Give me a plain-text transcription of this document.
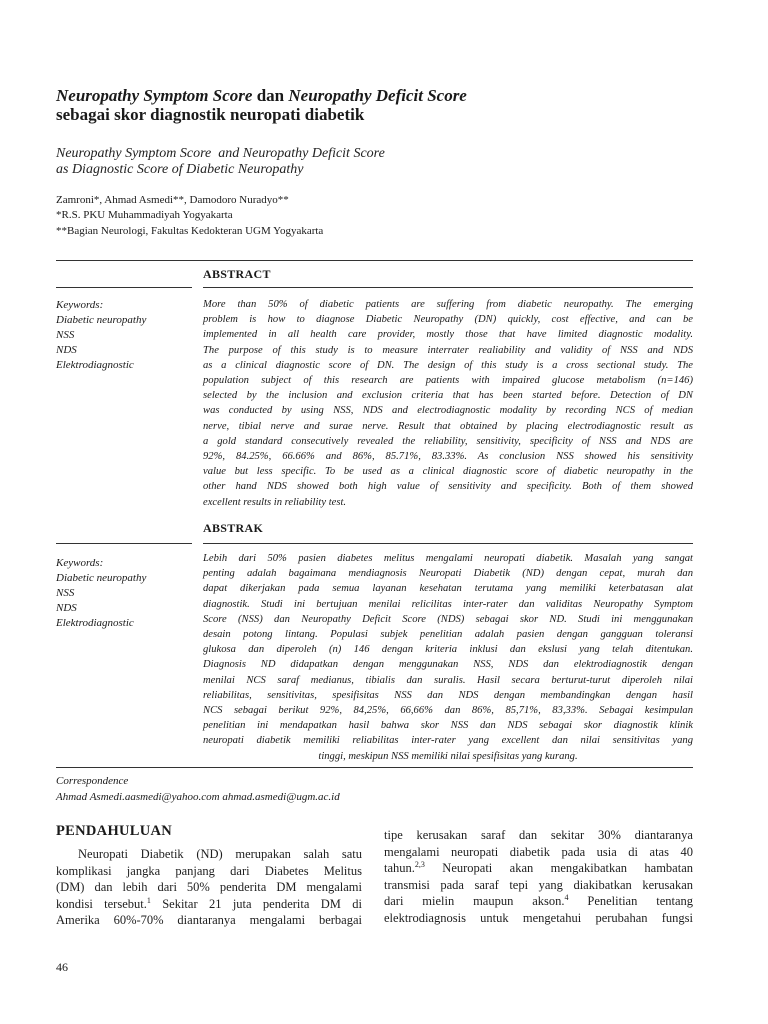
Neuropathy Symptom Score dan Neuropathy Deficit Score
sebagai skor diagnostik neuropati diabetik
Neuropathy Symptom Score  and Neuropathy Deficit Score
as Diagnostic Score of Diabetic Neuropathy
Zamroni*, Ahmad Asmedi**, Damodoro Nuradyo**
*R.S. PKU Muhammadiyah Yogyakarta
**Bagian Neurologi, Fakultas Kedokteran UGM Yogyakarta
ABSTRACT
Keywords:
Diabetic neuropathy
NSS
NDS
Elektrodiagnostic
More than 50% of diabetic patients are suffering from diabetic neuropathy. The emerging
problem is how to diagnose Diabetic Neuropathy (DN) quickly, cost effective, and can be
implemented in all health care provider, mostly those that have limited diagnostic modality.
The purpose of this study is to measure interrater realiability and validity of NSS and NDS
as a clinical diagnostic score of DN. The design of this study is a cross sectional study. The
population subject of this research are patients with impaired glucose metabolism (n=146)
selected by the inclusion and exclusion criteria that has been started before. Detection of DN
was conducted by using NSS, NDS and electrodiagnostic modality by recording NCS of median
nerve, tibial nerve and surae nerve. Result that obtained by placing electrodiagnostic result as
a gold standard consecutively revealed the reliability, sensitivity, specificity of NSS and NDS are
92%, 84.25%, 66.66% and 86%, 85.71%, 83.33%. As conclusion NSS showed his sensitivity
value but less specific. To be used as a clinical diagnostic score of diabetic neuropathy in the
other hand NDS showed both high value of sensitivity and specificity. Both of them showed
excellent results in reliability test.
ABSTRAK
Keywords:
Diabetic neuropathy
NSS
NDS
Elektrodiagnostic
Lebih dari 50% pasien diabetes melitus mengalami neuropati diabetik. Masalah yang sangat
penting adalah bagaimana mendiagnosis Neuropati Diabetik (ND) dengan cepat, murah dan
dapat dikerjakan pada semua layanan kesehatan terutama yang memiliki keterbatasan alat
diagnostik. Studi ini bertujuan menilai relicilitas inter-rater dan validitas Neuropathy Symptom
Score (NSS) dan Neuropathy Deficit Score (NDS) sebagai skor ND. Studi ini menggunakan
desain potong lintang. Populasi subjek penelitian adalah pasien dengan gangguan toleransi
glukosa dan diperoleh (n) 146 dengan kriteria inklusi dan ekslusi yang telah ditentukan.
Diagnosis ND didapatkan dengan menggunakan NSS, NDS dan elektrodiagnostik dengan
menilai NCS saraf medianus, tibialis dan suralis. Hasil secara berturut-turut diperoleh nilai
reliabilitas, sensitivitas, spesifisitas NSS dan NDS dengan membandingkan dengan hasil
NCS sebagai berikut 92%, 84,25%, 66,66% dan 86%, 85,71%, 83,33%. Sebagai kesimpulan
penelitian ini mendapatkan hasil bahwa skor NSS dan NDS sebagai skor diagnostik klinik
neuropati diabetik memiliki reliabilitas inter-rater yang excellent dan nilai sensitivitas yang
tinggi, meskipun NSS memiliki nilai spesifisitas yang kurang.
Correspondence
Ahmad Asmedi.aasmedi@yahoo.com ahmad.asmedi@ugm.ac.id
PENDAHULUAN
Neuropati Diabetik (ND) merupakan salah satu
komplikasi jangka panjang dari Diabetes Melitus
(DM) dan lebih dari 50% penderita DM mengalami
kondisi tersebut.$^1$ Sekitar 21 juta penderita DM di
Amerika 60%-70% diantaranya mengalami berbagai
tipe kerusakan saraf dan sekitar 30% diantaranya
mengalami neuropati diabetik pada usia di atas 40
tahun.$^{2,3}$ Neuropati akan mengakibatkan hambatan
transmisi pada saraf tepi yang diakibatkan kerusakan
dari mielin maupun akson.$^4$ Penelitian tentang
elektrodiagnosis untuk mengetahui perubahan fungsi
46
